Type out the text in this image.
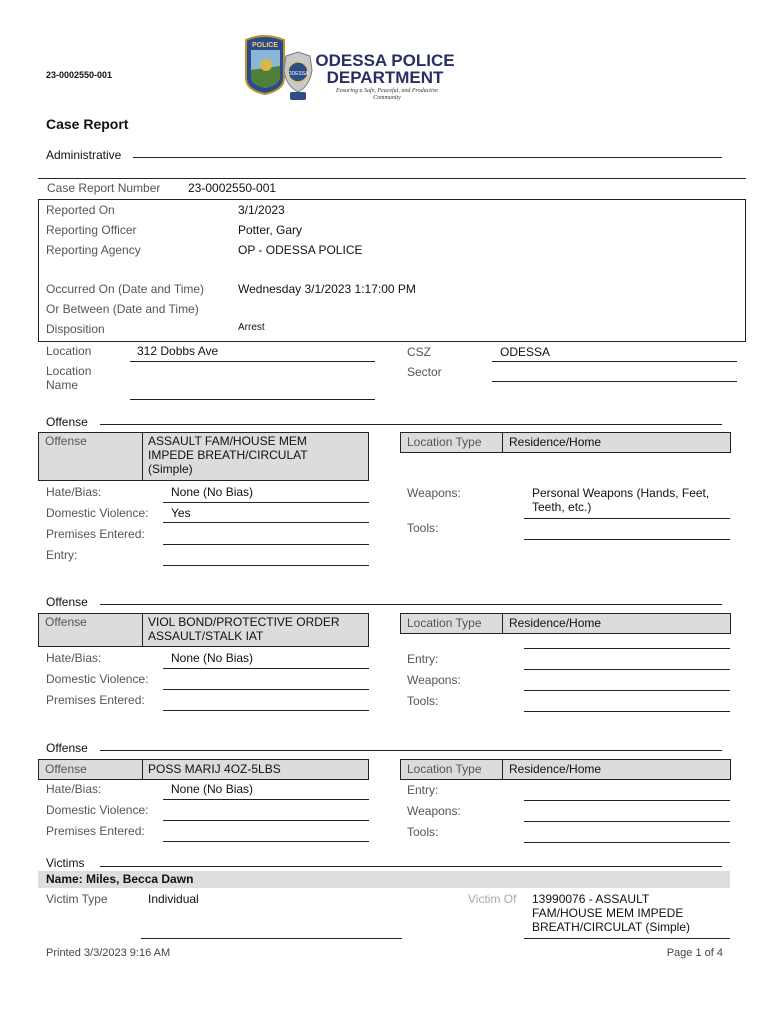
23-0002550-001
POLICE
ODESSA
ODESSA POLICE
DEPARTMENT
Ensuring a Safe, Peaceful, and Productive Community
Case Report
Administrative
Case Report Number 23-0002550-001
Reported On	3/1/2023
Reporting Officer	Potter, Gary
Reporting Agency	OP - ODESSA POLICE
Occurred On (Date and Time)	Wednesday 3/1/2023 1:17:00 PM
Or Between (Date and Time)
Disposition	Arrest
Location	312 Dobbs Ave	CSZ	ODESSA
Location
Name
Sector
Offense
Offense	ASSAULT FAM/HOUSE MEM IMPEDE BREATH/CIRCULAT (Simple)
Location Type	Residence/Home
Hate/Bias:	None (No Bias)
Domestic Violence: Yes
Premises Entered:
Entry:
Weapons:	Personal Weapons (Hands, Feet, Teeth, etc.)
Tools:
Offense
Offense	VIOL BOND/PROTECTIVE ORDER ASSAULT/STALK IAT
Location Type	Residence/Home
Hate/Bias:	None (No Bias)
Domestic Violence:
Premises Entered:
Entry:
Weapons:
Tools:
Offense
Offense	POSS MARIJ 4OZ-5LBS	Location Type	Residence/Home
Hate/Bias:	None (No Bias)
Domestic Violence:
Premises Entered:
Entry:
Weapons:
Tools:
Victims
Name: Miles, Becca Dawn
Victim Type	Individual	Victim Of 13990076 - ASSAULT FAM/HOUSE MEM IMPEDE BREATH/CIRCULAT (Simple)
Printed 3/3/2023 9:16 AM	Page 1 of 4
